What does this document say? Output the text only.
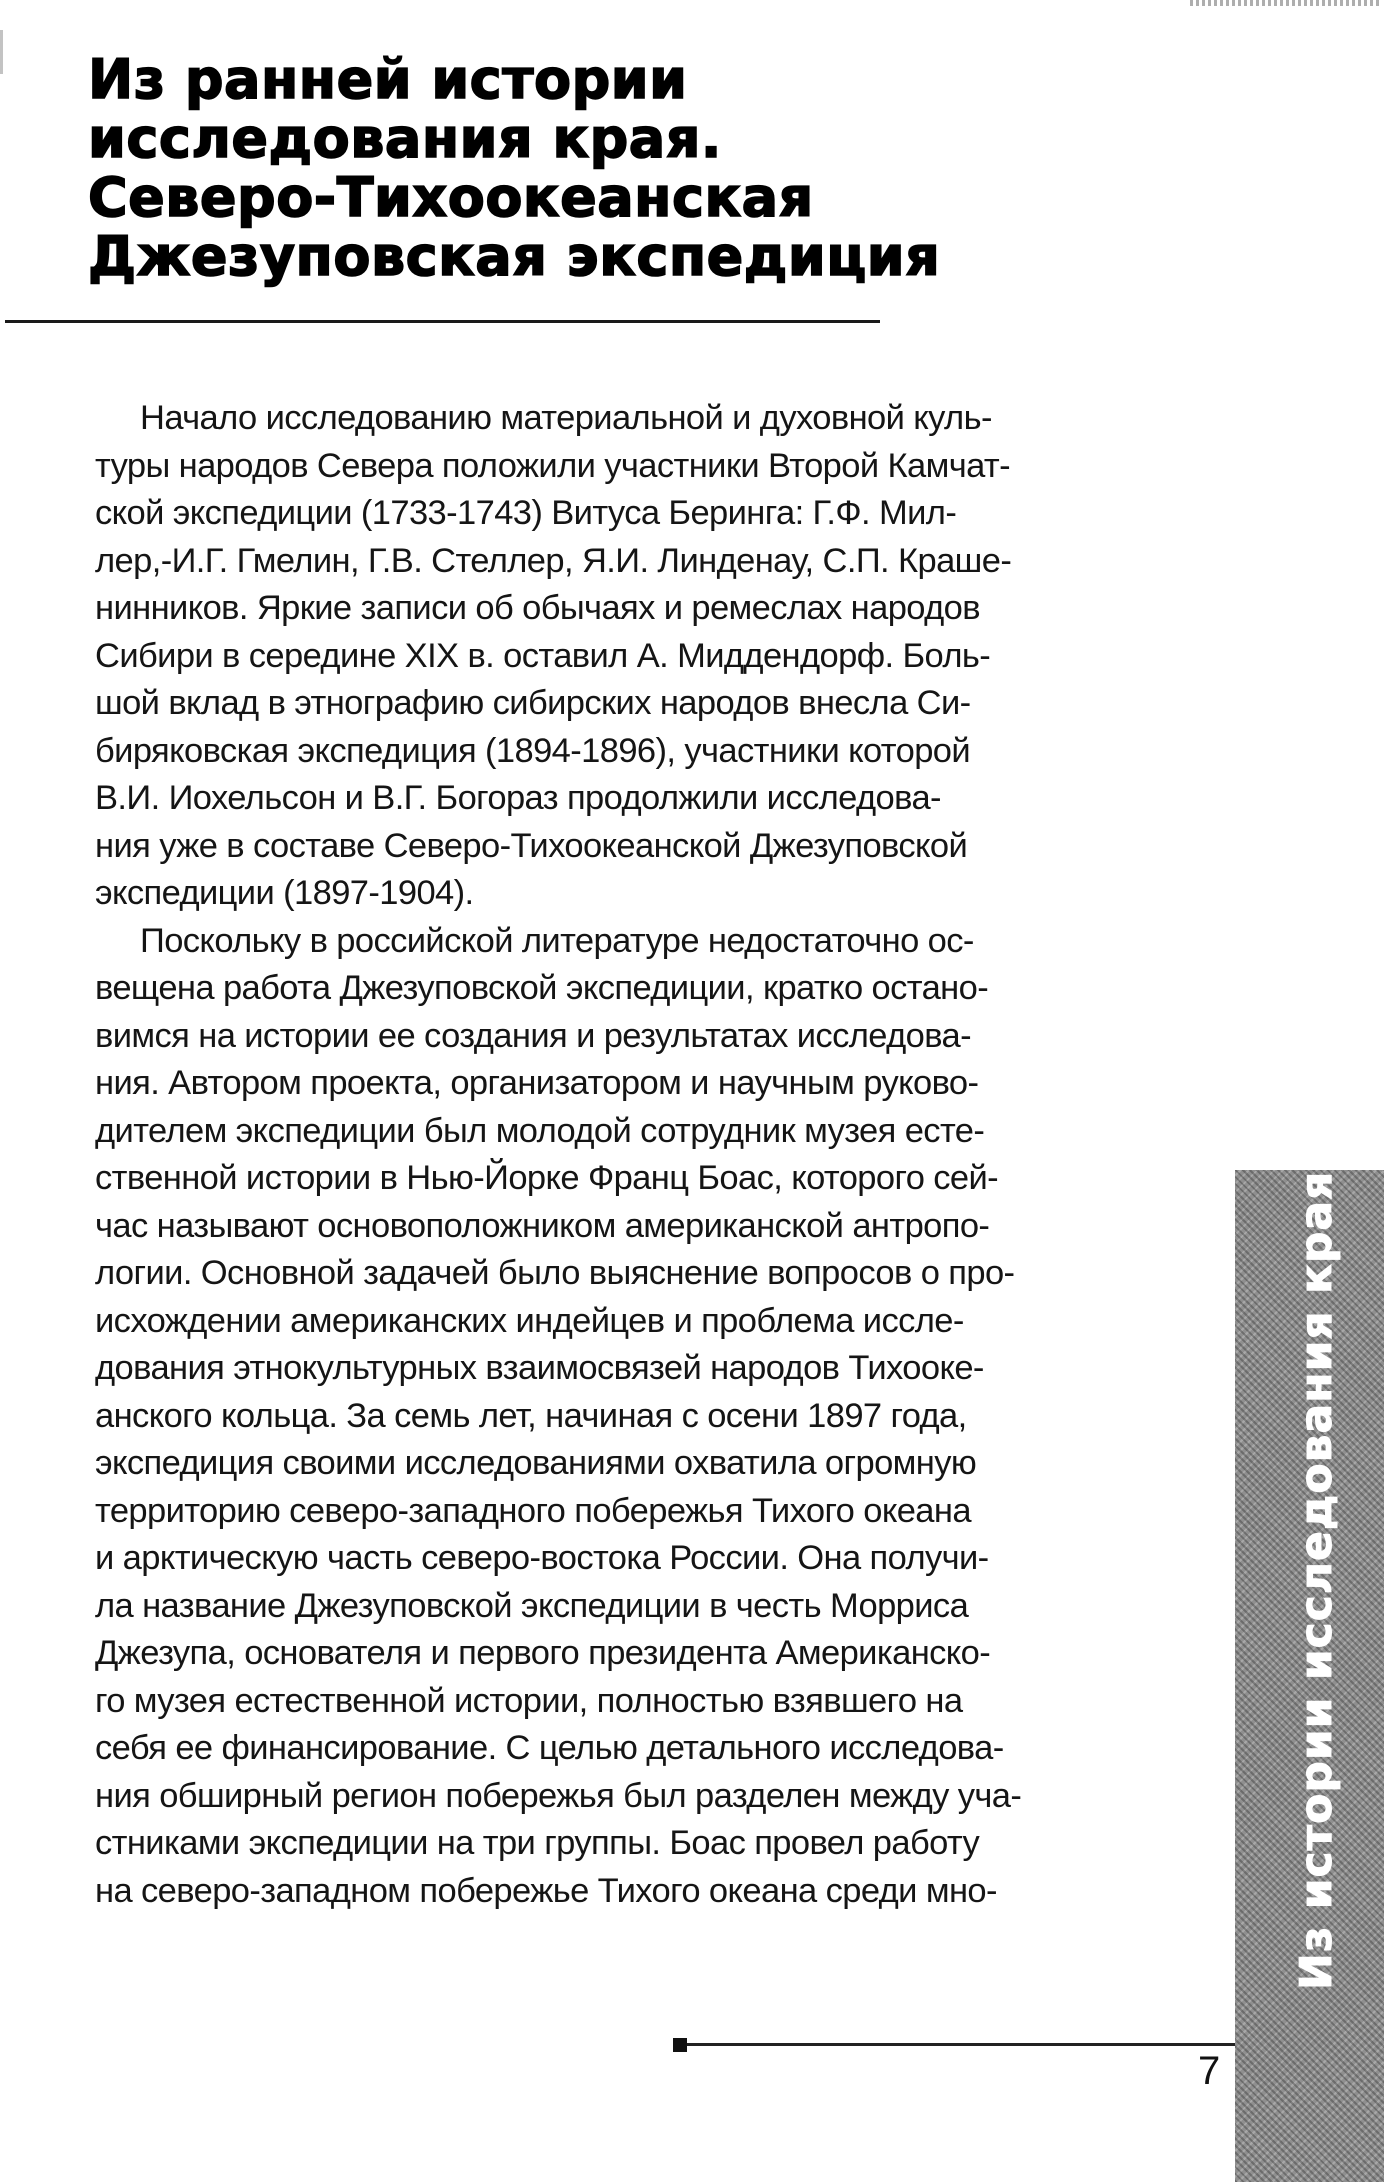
Из ранней истории
исследования края.
Северо-Тихоокеанская
Джезуповская экспедиция
Начало исследованию материальной и духовной куль-
туры народов Севера положили участники Второй Камчат-
ской экспедиции (1733-1743) Витуса Беринга: Г.Ф. Мил-
лер,-И.Г. Гмелин, Г.В. Стеллер, Я.И. Линденау, С.П. Краше-
нинников. Яркие записи об обычаях и ремеслах народов
Сибири в середине XIX в. оставил А. Миддендорф. Боль-
шой вклад в этнографию сибирских народов внесла Си-
биряковская экспедиция (1894-1896), участники которой
В.И. Иохельсон и В.Г. Богораз продолжили исследова-
ния уже в составе Северо-Тихоокеанской Джезуповской
экспедиции (1897-1904).
Поскольку в российской литературе недостаточно ос-
вещена работа Джезуповской экспедиции, кратко остано-
вимся на истории ее создания и результатах исследова-
ния. Автором проекта, организатором и научным руково-
дителем экспедиции был молодой сотрудник музея есте-
ственной истории в Нью-Йорке Франц Боас, которого сей-
час называют основоположником американской антропо-
логии. Основной задачей было выяснение вопросов о про-
исхождении американских индейцев и проблема иссле-
дования этнокультурных взаимосвязей народов Тихооке-
анского кольца. За семь лет, начиная с осени 1897 года,
экспедиция своими исследованиями охватила огромную
территорию северо-западного побережья Тихого океана
и арктическую часть северо-востока России. Она получи-
ла название Джезуповской экспедиции в честь Морриса
Джезупа, основателя и первого президента Американско-
го музея естественной истории, полностью взявшего на
себя ее финансирование. С целью детального исследова-
ния обширный регион побережья был разделен между уча-
стниками экспедиции на три группы. Боас провел работу
на северо-западном побережье Тихого океана среди мно-	Из истории исследования края.
7
